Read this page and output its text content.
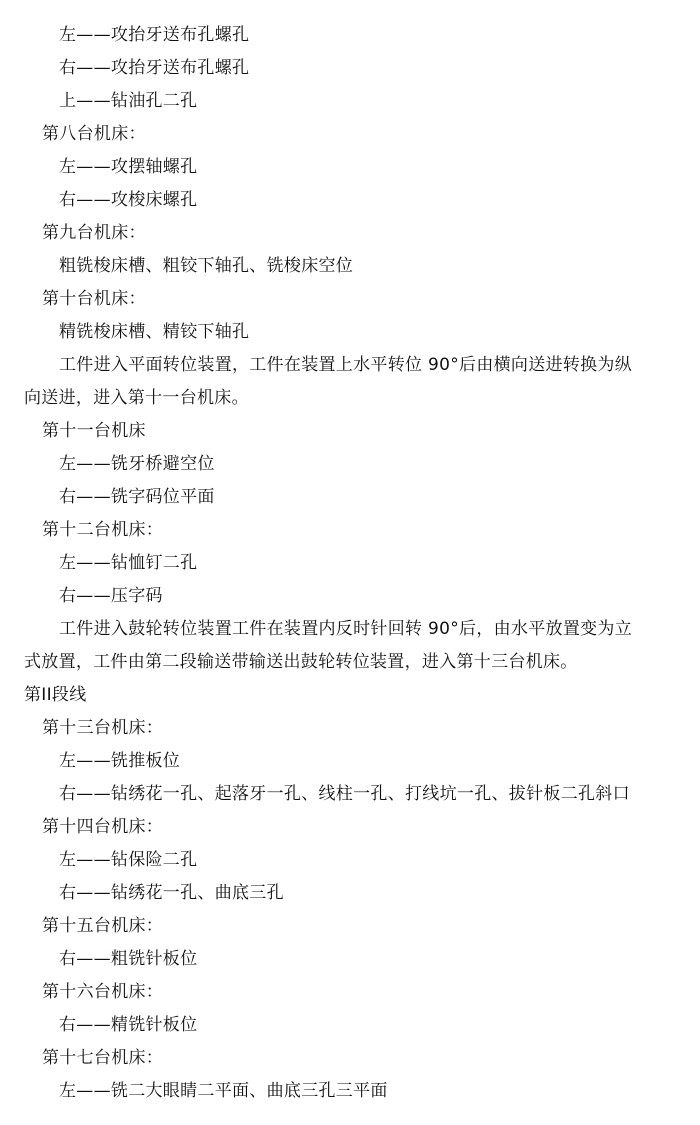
左——攻抬牙送布孔螺孔
右——攻抬牙送布孔螺孔
上——钻油孔二孔
第八台机床：
左——攻摆轴螺孔
右——攻梭床螺孔
第九台机床：
粗铣梭床槽、粗铰下轴孔、铣梭床空位
第十台机床：
精铣梭床槽、精铰下轴孔
工件进入平面转位装置，工件在装置上水平转位 90°后由横向送进转换为纵
向送进，进入第十一台机床。
第十一台机床
左——铣牙桥避空位
右——铣字码位平面
第十二台机床：
左——钻恤钉二孔
右——压字码
工件进入鼓轮转位装置工件在装置内反时针回转 90°后，由水平放置变为立
式放置，工件由第二段输送带输送出鼓轮转位装置，进入第十三台机床。
第II段线
第十三台机床：
左——铣推板位
右——钻绣花一孔、起落牙一孔、线柱一孔、打线坑一孔、拔针板二孔斜口
第十四台机床：
左——钻保险二孔
右——钻绣花一孔、曲底三孔
第十五台机床：
右——粗铣针板位
第十六台机床：
右——精铣针板位
第十七台机床：
左——铣二大眼睛二平面、曲底三孔三平面
